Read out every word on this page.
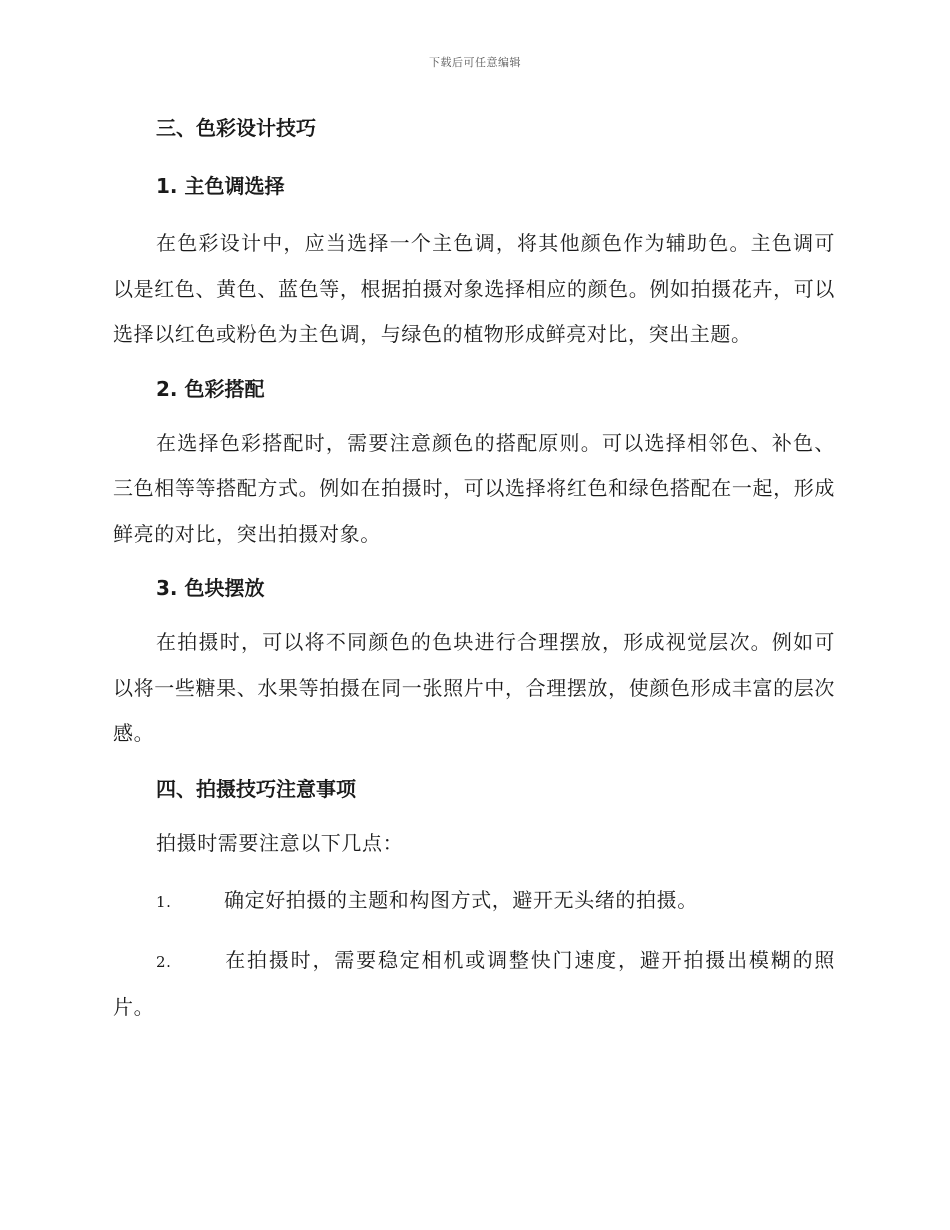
下载后可任意编辑
三、色彩设计技巧
1. 主色调选择

在色彩设计中，应当选择一个主色调，将其他颜色作为辅助色。主色调可以是红色、黄色、蓝色等，根据拍摄对象选择相应的颜色。例如拍摄花卉，可以选择以红色或粉色为主色调，与绿色的植物形成鲜亮对比，突出主题。

2. 色彩搭配

在选择色彩搭配时，需要注意颜色的搭配原则。可以选择相邻色、补色、三色相等等搭配方式。例如在拍摄时，可以选择将红色和绿色搭配在一起，形成鲜亮的对比，突出拍摄对象。

3. 色块摆放

在拍摄时，可以将不同颜色的色块进行合理摆放，形成视觉层次。例如可以将一些糖果、水果等拍摄在同一张照片中，合理摆放，使颜色形成丰富的层次感。

四、拍摄技巧注意事项

拍摄时需要注意以下几点：

1.	确定好拍摄的主题和构图方式，避开无头绪的拍摄。

2.	在拍摄时，需要稳定相机或调整快门速度，避开拍摄出模糊的照片。
